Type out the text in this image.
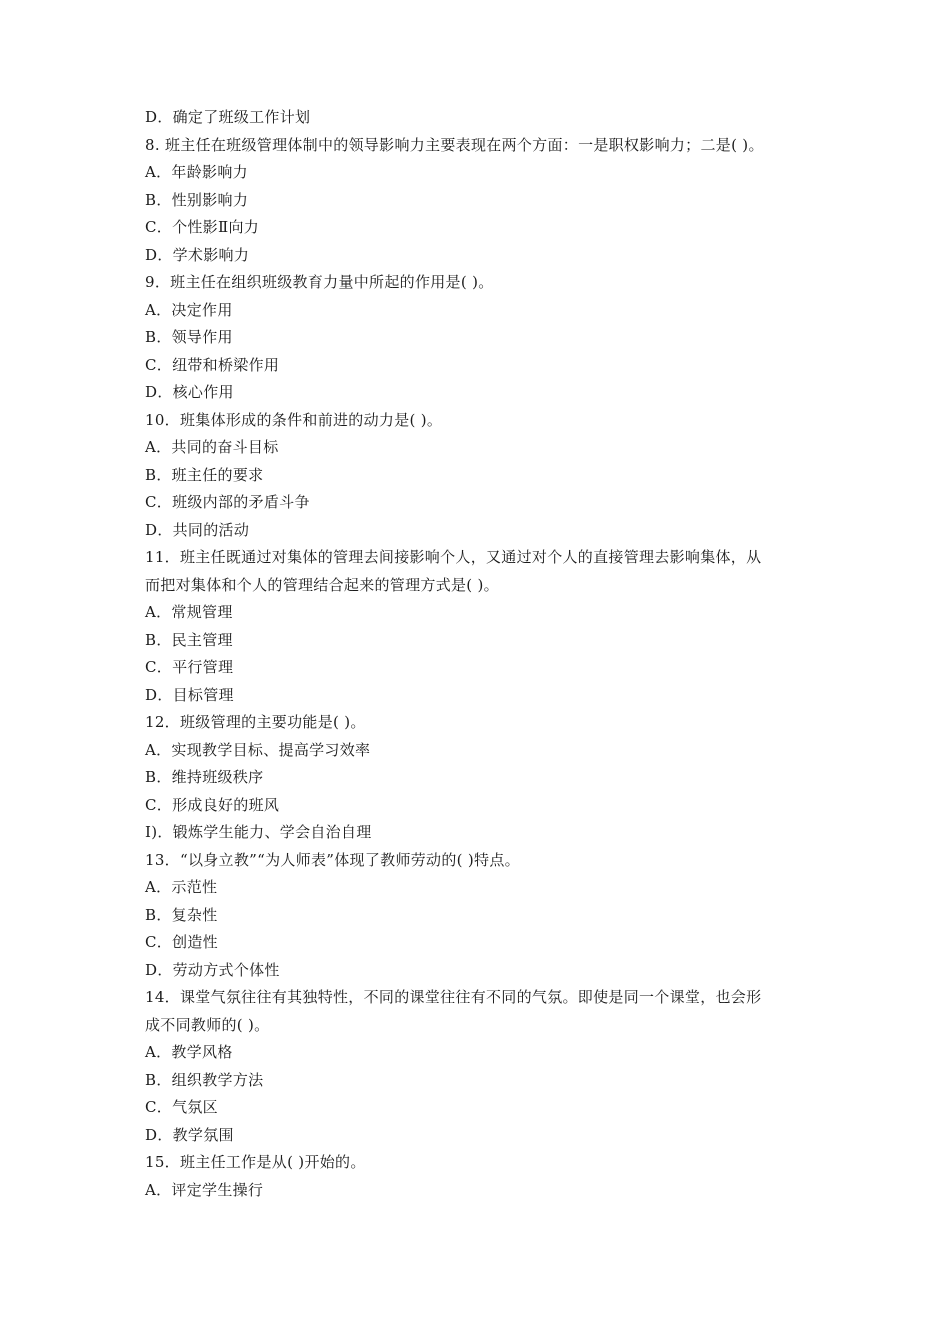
D．确定了班级工作计划
8. 班主任在班级管理体制中的领导影响力主要表现在两个方面：一是职权影响力；二是( )。
A．年龄影响力
B．性别影响力
C．个性影Ⅱ向力
D．学术影响力
9．班主任在组织班级教育力量中所起的作用是( )。
A．决定作用
B．领导作用
C．纽带和桥梁作用
D．核心作用
10．班集体形成的条件和前进的动力是( )。
A．共同的奋斗目标
B．班主任的要求
C．班级内部的矛盾斗争
D．共同的活动
11．班主任既通过对集体的管理去间接影响个人，又通过对个人的直接管理去影响集体，从
而把对集体和个人的管理结合起来的管理方式是( )。
A．常规管理
B．民主管理
C．平行管理
D．目标管理
12．班级管理的主要功能是( )。
A．实现教学目标、提高学习效率
B．维持班级秩序
C．形成良好的班风
I)．锻炼学生能力、学会自治自理
13．“以身立教”“为人师表”体现了教师劳动的( )特点。
A．示范性
B．复杂性
C．创造性
D．劳动方式个体性
14．课堂气氛往往有其独特性，不同的课堂往往有不同的气氛。即使是同一个课堂，也会形
成不同教师的( )。
A．教学风格
B．组织教学方法
C．气氛区
D．教学氛围
15．班主任工作是从( )开始的。
A．评定学生操行
